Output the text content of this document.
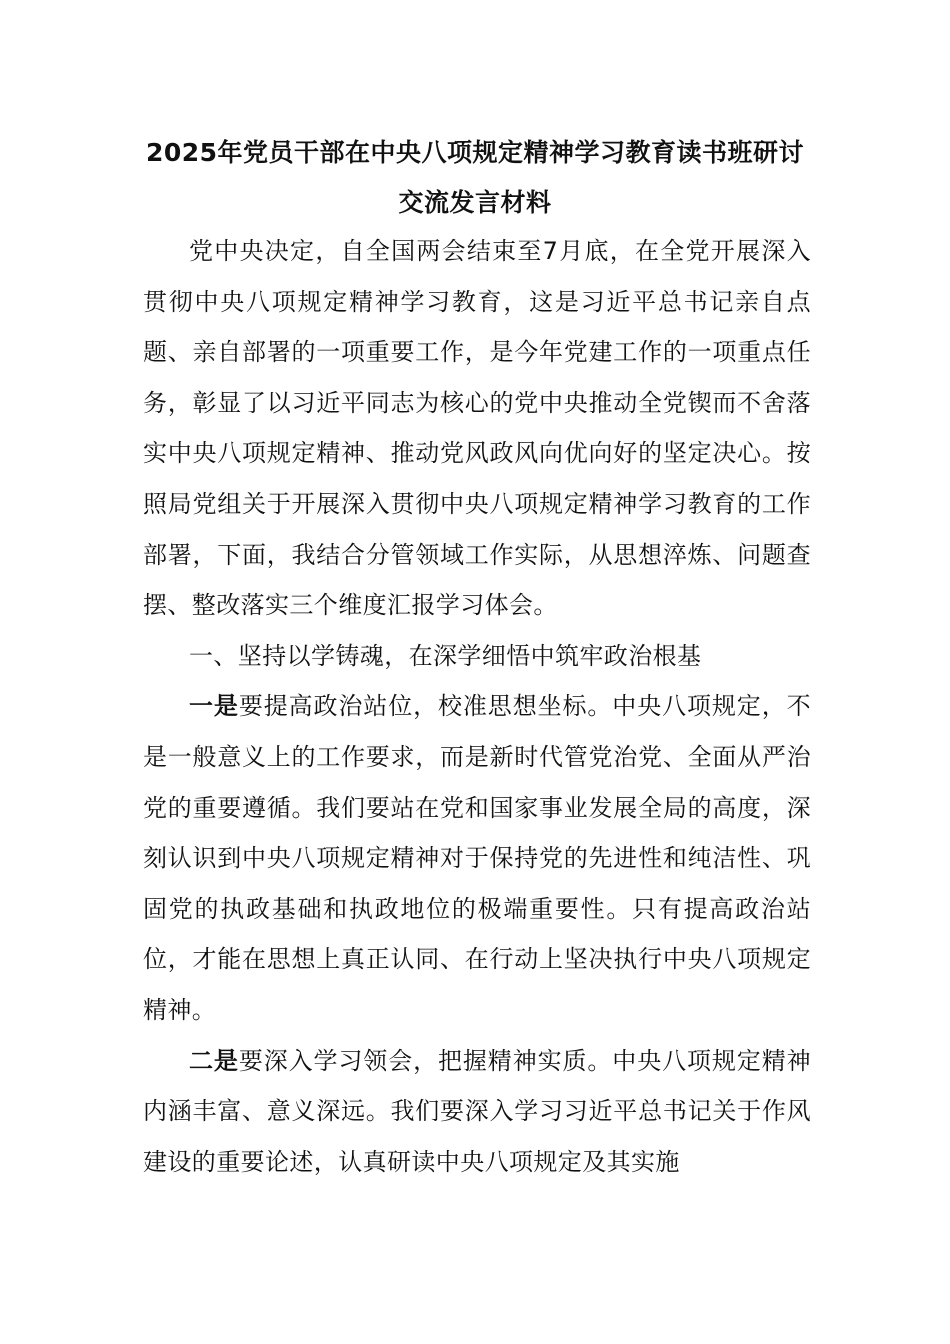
2025年党员干部在中央八项规定精神学习教育读书班研讨交流发言材料

党中央决定，自全国两会结束至7月底，在全党开展深入贯彻中央八项规定精神学习教育，这是习近平总书记亲自点题、亲自部署的一项重要工作，是今年党建工作的一项重点任务，彰显了以习近平同志为核心的党中央推动全党锲而不舍落实中央八项规定精神、推动党风政风向优向好的坚定决心。按照局党组关于开展深入贯彻中央八项规定精神学习教育的工作部署，下面，我结合分管领域工作实际，从思想淬炼、问题查摆、整改落实三个维度汇报学习体会。

一、坚持以学铸魂，在深学细悟中筑牢政治根基

一是要提高政治站位，校准思想坐标。中央八项规定，不是一般意义上的工作要求，而是新时代管党治党、全面从严治党的重要遵循。我们要站在党和国家事业发展全局的高度，深刻认识到中央八项规定精神对于保持党的先进性和纯洁性、巩固党的执政基础和执政地位的极端重要性。只有提高政治站位，才能在思想上真正认同、在行动上坚决执行中央八项规定精神。

二是要深入学习领会，把握精神实质。中央八项规定精神内涵丰富、意义深远。我们要深入学习习近平总书记关于作风建设的重要论述，认真研读中央八项规定及其实施
